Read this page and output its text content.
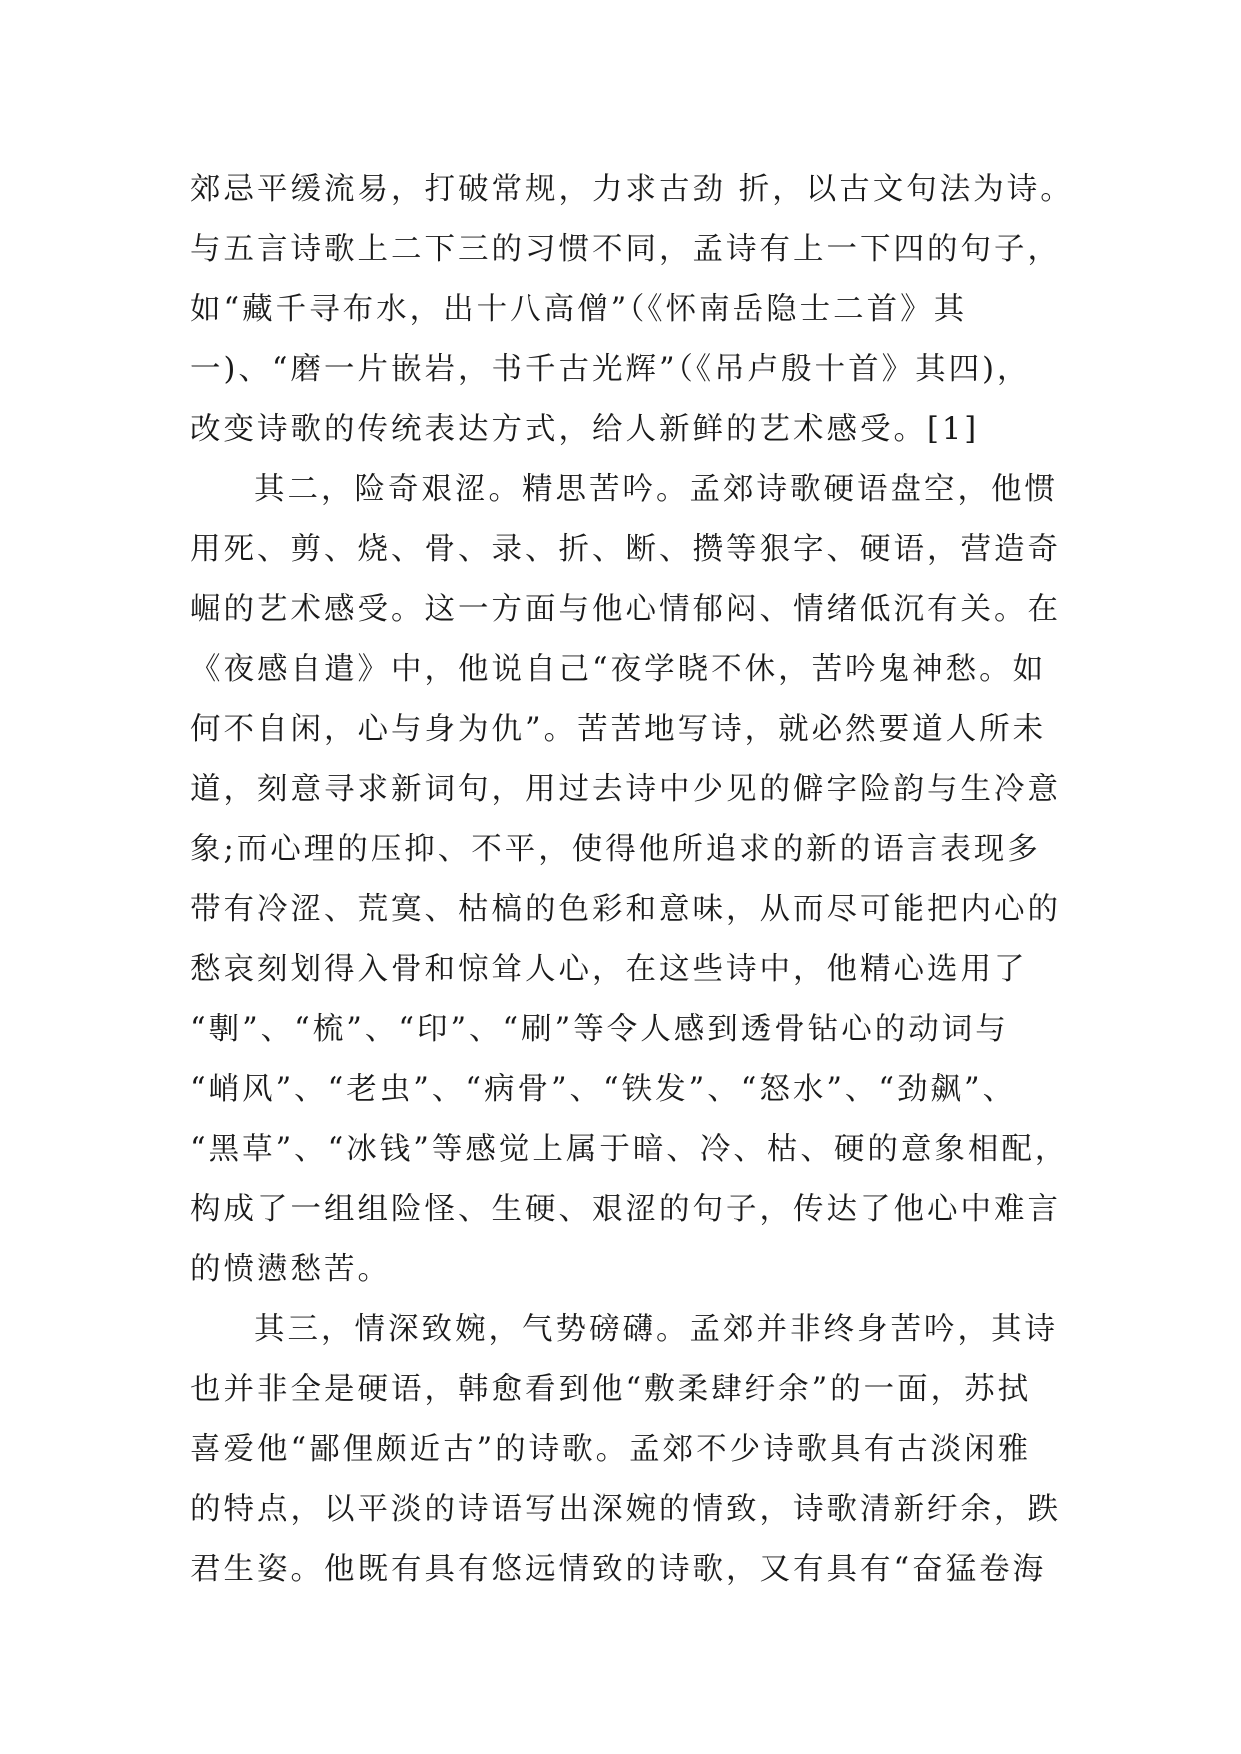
郊忌平缓流易，打破常规，力求古劲 折，以古文句法为诗。
与五言诗歌上二下三的习惯不同，孟诗有上一下四的句子，
如“藏千寻布水，出十八高僧”（《怀南岳隐士二首》其
一)、“磨一片嵌岩，书千古光辉”（《吊卢殷十首》其四)，
改变诗歌的传统表达方式，给人新鲜的艺术感受。[1]
其二，险奇艰涩。精思苦吟。孟郊诗歌硬语盘空，他惯
用死、剪、烧、骨、录、折、断、攒等狠字、硬语，营造奇
崛的艺术感受。这一方面与他心情郁闷、情绪低沉有关。在
《夜感自遣》中，他说自己“夜学晓不休，苦吟鬼神愁。如
何不自闲，心与身为仇”。苦苦地写诗，就必然要道人所未
道，刻意寻求新词句，用过去诗中少见的僻字险韵与生冷意
象;而心理的压抑、不平，使得他所追求的新的语言表现多
带有冷涩、荒寞、枯槁的色彩和意味，从而尽可能把内心的
愁哀刻划得入骨和惊耸人心，在这些诗中，他精心选用了
“剸”、“梳”、“印”、“刷”等令人感到透骨钻心的动词与
“峭风”、“老虫”、“病骨”、“铁发”、“怒水”、“劲飙”、
“黑草”、“冰钱”等感觉上属于暗、冷、枯、硬的意象相配，
构成了一组组险怪、生硬、艰涩的句子，传达了他心中难言
的愤懑愁苦。
其三，情深致婉，气势磅礴。孟郊并非终身苦吟，其诗
也并非全是硬语，韩愈看到他“敷柔肆纡余”的一面，苏拭
喜爱他“鄙俚颇近古”的诗歌。孟郊不少诗歌具有古淡闲雅
的特点，以平淡的诗语写出深婉的情致，诗歌清新纡余，跌
君生姿。他既有具有悠远情致的诗歌，又有具有“奋猛卷海
